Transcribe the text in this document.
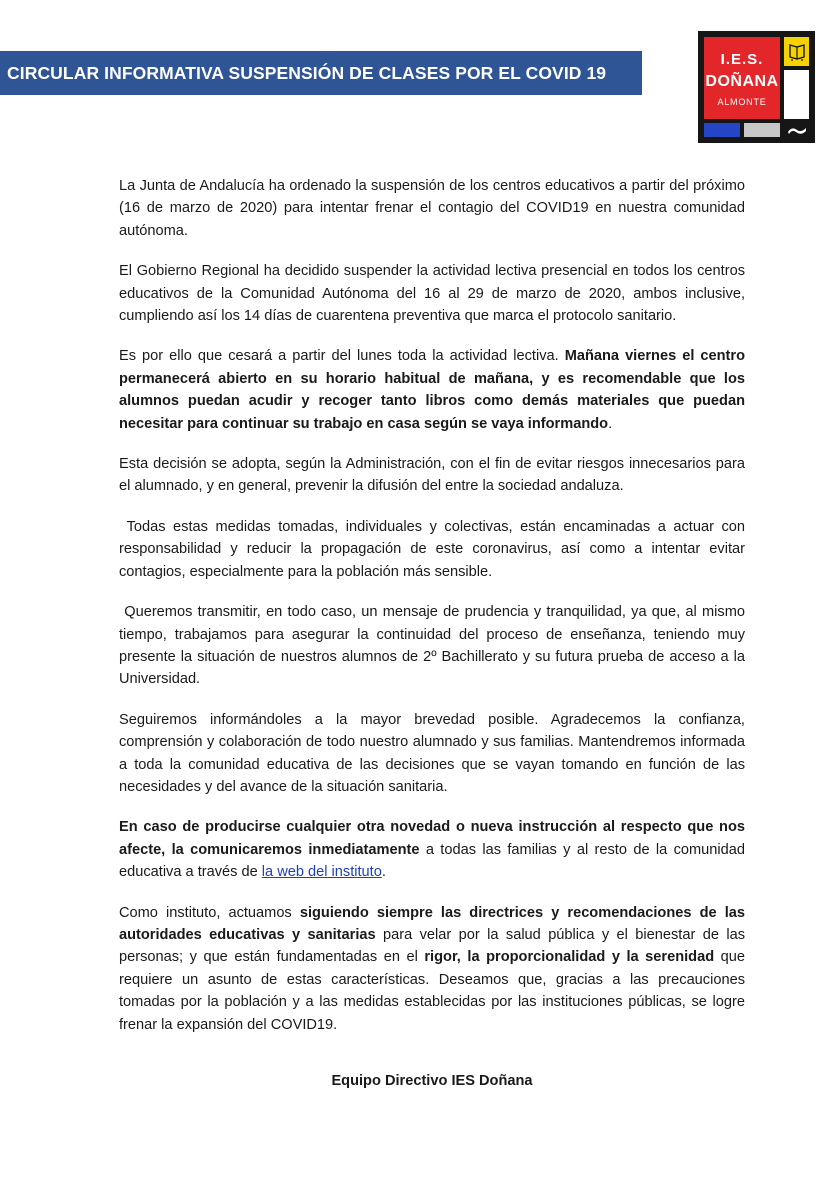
CIRCULAR INFORMATIVA SUSPENSIÓN DE CLASES POR EL COVID 19
I.E.S.
DOÑANA
ALMONTE

La Junta de Andalucía ha ordenado la suspensión de los centros educativos a partir del próximo (16 de marzo de 2020) para intentar frenar el contagio del COVID19 en nuestra comunidad autónoma.

El Gobierno Regional ha decidido suspender la actividad lectiva presencial en todos los centros educativos de la Comunidad Autónoma del 16 al 29 de marzo de 2020, ambos inclusive, cumpliendo así los 14 días de cuarentena preventiva que marca el protocolo sanitario.

Es por ello que cesará a partir del lunes toda la actividad lectiva. Mañana viernes el centro permanecerá abierto en su horario habitual de mañana, y es recomendable que los alumnos puedan acudir y recoger tanto libros como demás materiales que puedan necesitar para continuar su trabajo en casa según se vaya informando.

Esta decisión se adopta, según la Administración, con el fin de evitar riesgos innecesarios para el alumnado, y en general, prevenir la difusión del entre la sociedad andaluza.

Todas estas medidas tomadas, individuales y colectivas, están encaminadas a actuar con responsabilidad y reducir la propagación de este coronavirus, así como a intentar evitar contagios, especialmente para la población más sensible.

Queremos transmitir, en todo caso, un mensaje de prudencia y tranquilidad, ya que, al mismo tiempo, trabajamos para asegurar la continuidad del proceso de enseñanza, teniendo muy presente la situación de nuestros alumnos de 2º Bachillerato y su futura prueba de acceso a la Universidad.

Seguiremos informándoles a la mayor brevedad posible. Agradecemos la confianza, comprensión y colaboración de todo nuestro alumnado y sus familias. Mantendremos informada a toda la comunidad educativa de las decisiones que se vayan tomando en función de las necesidades y del avance de la situación sanitaria.

En caso de producirse cualquier otra novedad o nueva instrucción al respecto que nos afecte, la comunicaremos inmediatamente a todas las familias y al resto de la comunidad educativa a través de la web del instituto.

Como instituto, actuamos siguiendo siempre las directrices y recomendaciones de las autoridades educativas y sanitarias para velar por la salud pública y el bienestar de las personas; y que están fundamentadas en el rigor, la proporcionalidad y la serenidad que requiere un asunto de estas características. Deseamos que, gracias a las precauciones tomadas por la población y a las medidas establecidas por las instituciones públicas, se logre frenar la expansión del COVID19.

Equipo Directivo IES Doñana
